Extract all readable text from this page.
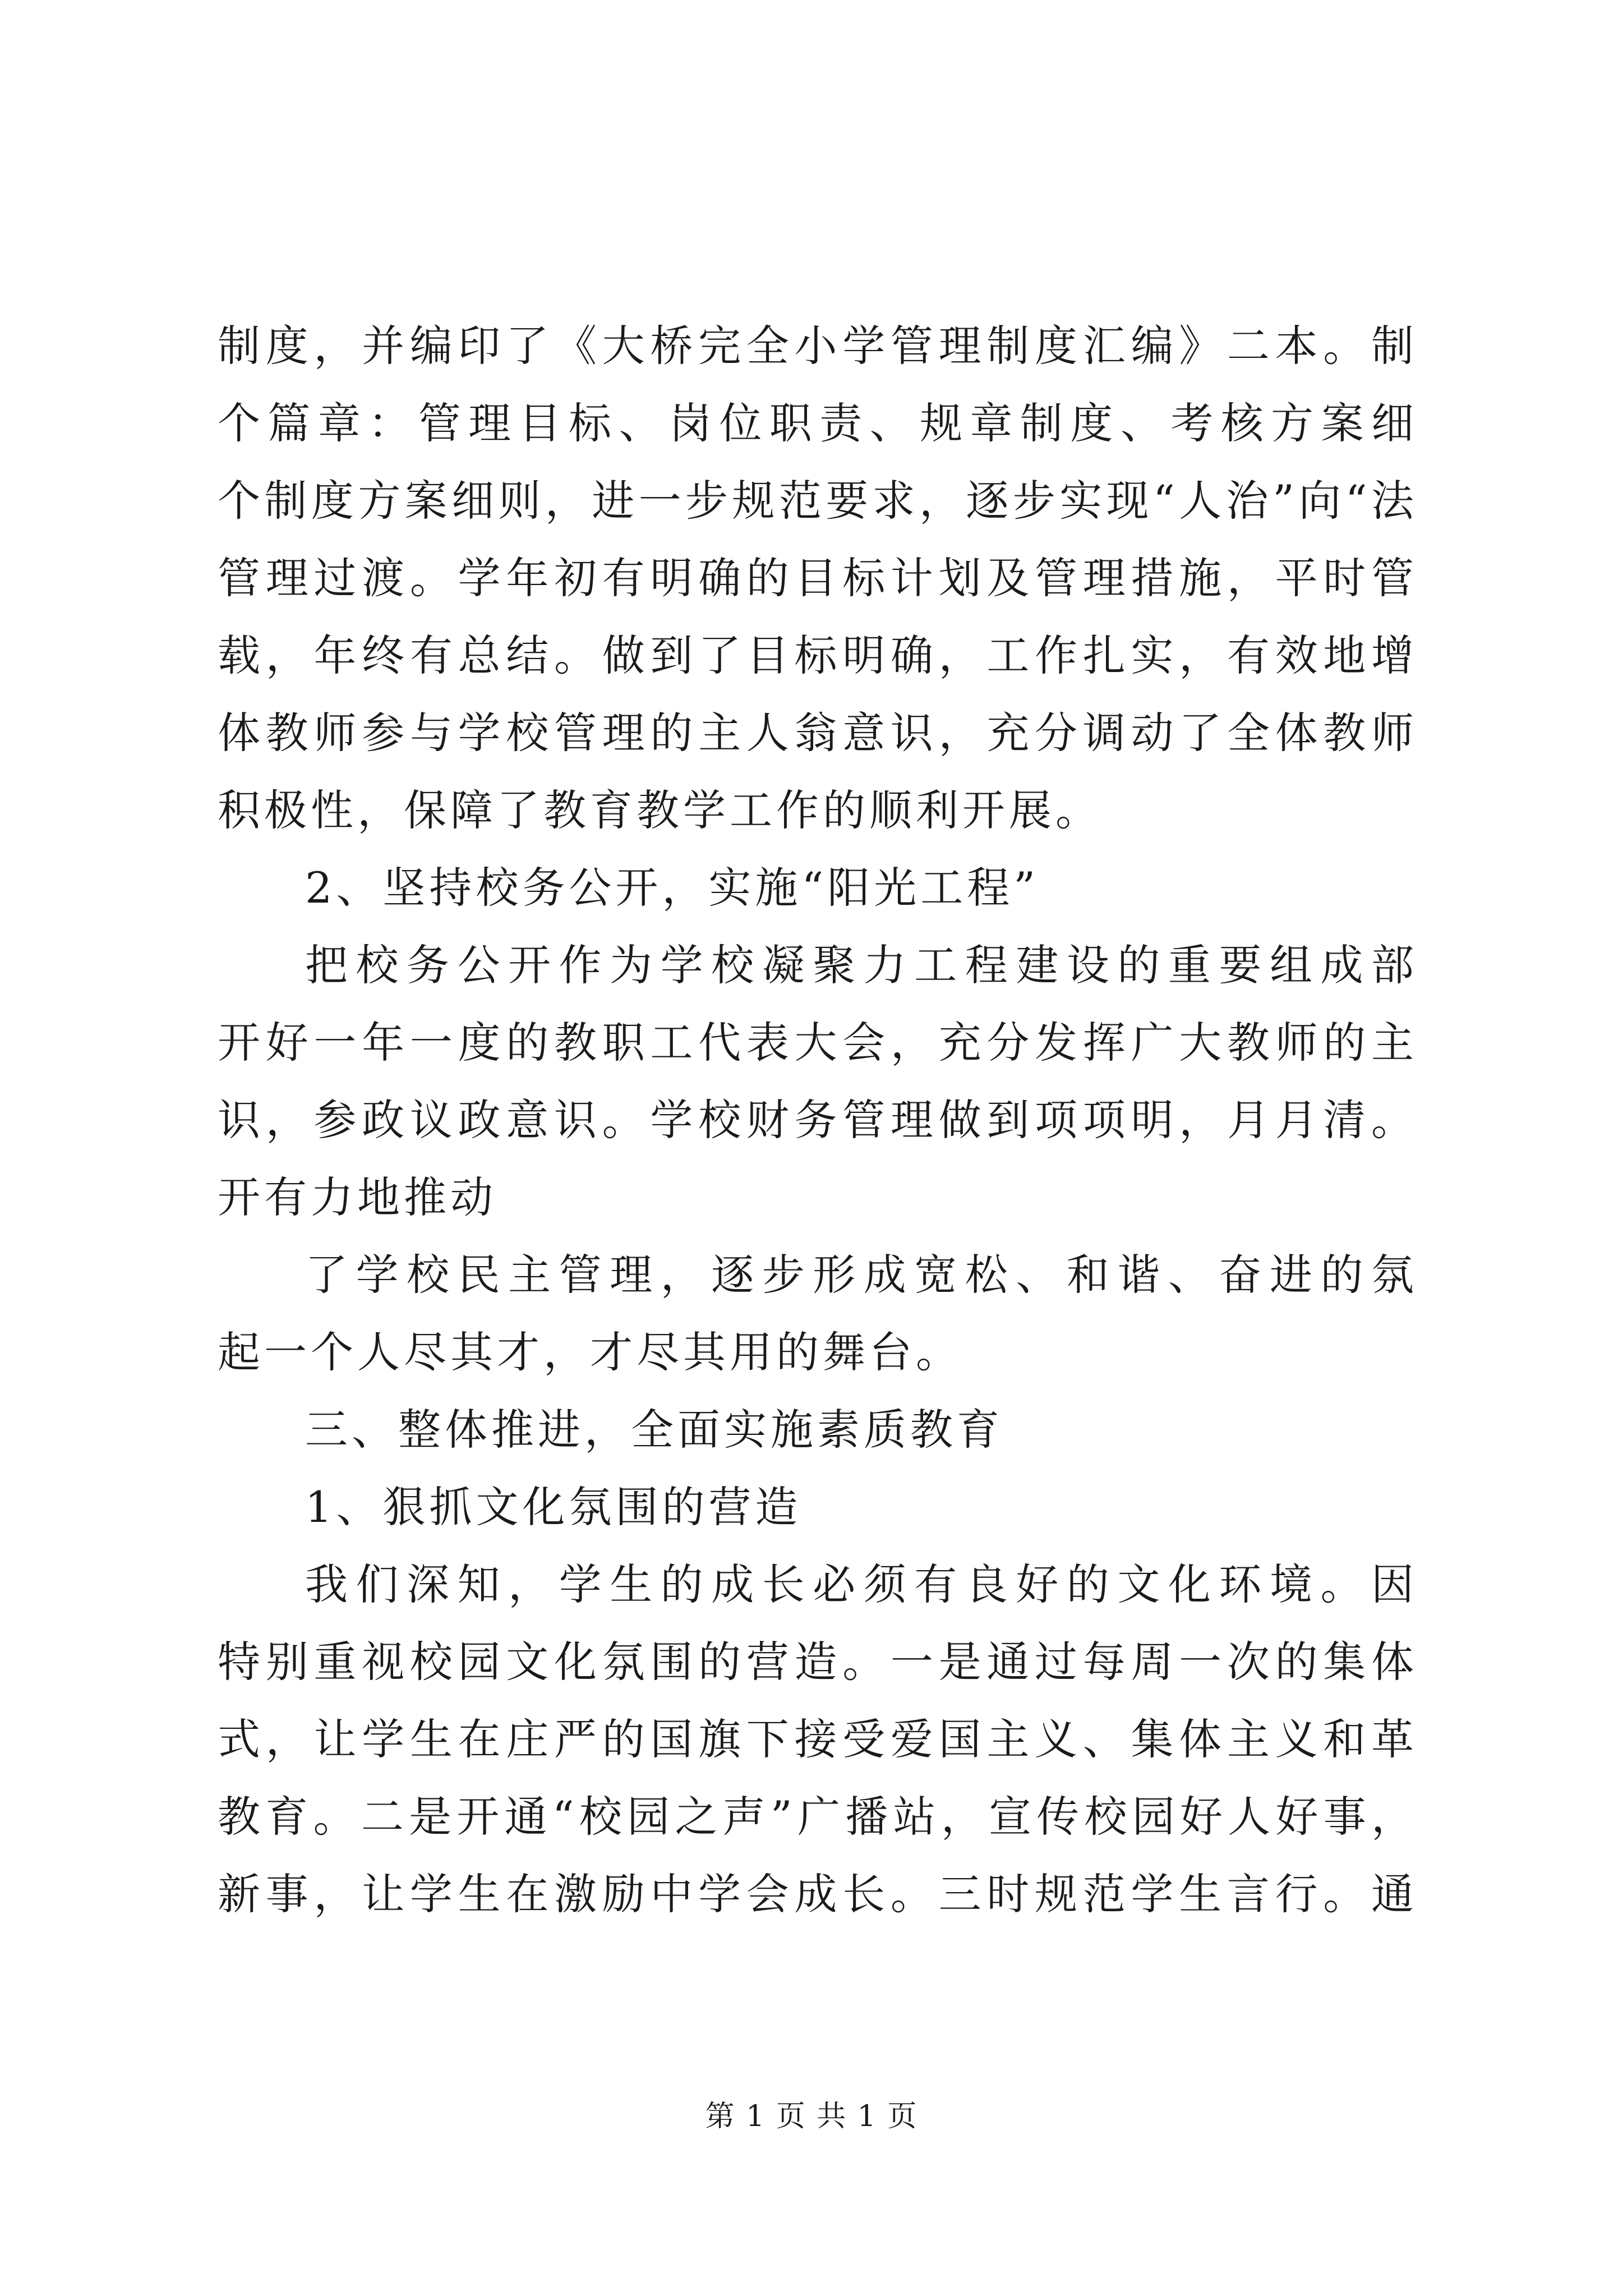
制度，并编印了《大桥完全小学管理制度汇编》二本。制
个篇章：管理目标、岗位职责、规章制度、考核方案细
个制度方案细则，进一步规范要求，逐步实现“人治”向“法
管理过渡。学年初有明确的目标计划及管理措施，平时管
载，年终有总结。做到了目标明确，工作扎实，有效地增
体教师参与学校管理的主人翁意识，充分调动了全体教师
积极性，保障了教育教学工作的顺利开展。
2、坚持校务公开，实施“阳光工程”
把校务公开作为学校凝聚力工程建设的重要组成部
开好一年一度的教职工代表大会，充分发挥广大教师的主
识，参政议政意识。学校财务管理做到项项明，月月清。
开有力地推动
了学校民主管理，逐步形成宽松、和谐、奋进的氛
起一个人尽其才，才尽其用的舞台。
三、整体推进，全面实施素质教育
1、狠抓文化氛围的营造
我们深知，学生的成长必须有良好的文化环境。因
特别重视校园文化氛围的营造。一是通过每周一次的集体
式，让学生在庄严的国旗下接受爱国主义、集体主义和革
教育。二是开通“校园之声”广播站，宣传校园好人好事，
新事，让学生在激励中学会成长。三时规范学生言行。通
第 1 页 共 1 页
